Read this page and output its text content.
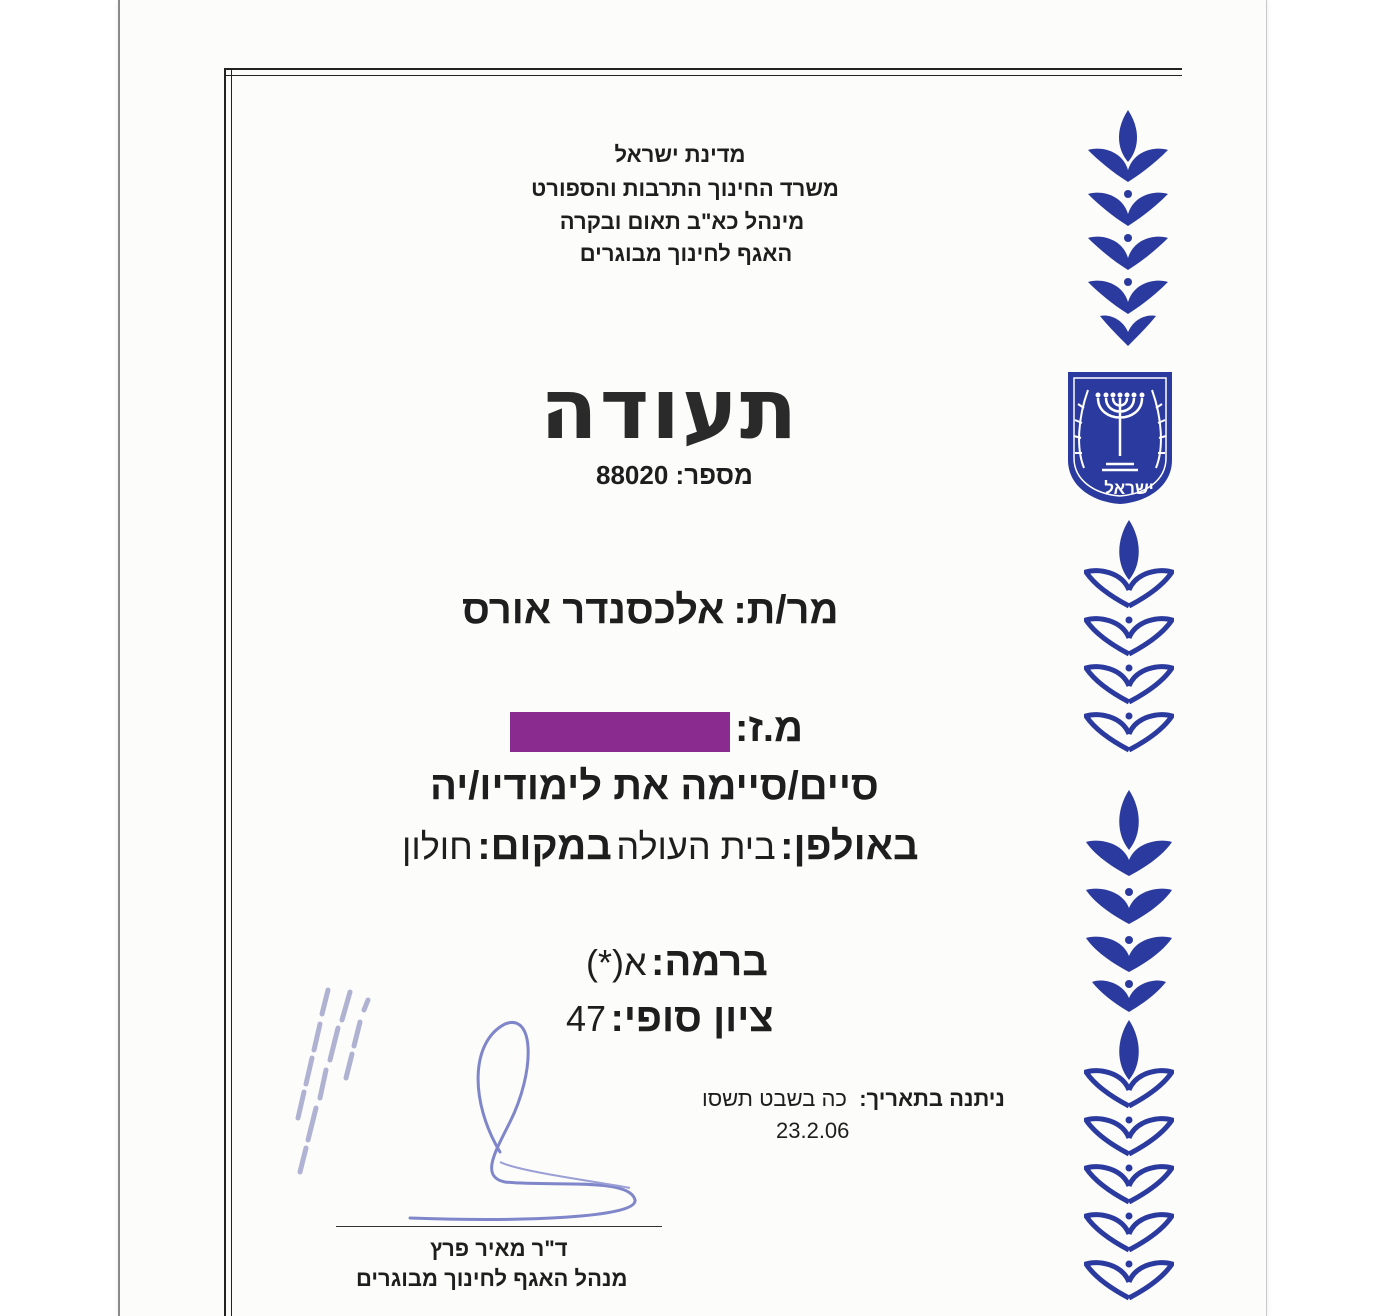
מדינת ישראל
משרד החינוך התרבות והספורט
מינהל כא"ב תאום ובקרה
האגף לחינוך מבוגרים
תעודה
מספר: 88020
מר/ת:  אלכסנדר אורס
מ.ז:
סיים/סיימה את לימודיו/יה
באולפן: בית העולה במקום: חולון
ברמה: א(*)
ציון סופי: 47
ניתנה בתאריך:  כה בשבט תשסו
23.2.06
ד"ר מאיר פרץ
מנהל האגף לחינוך מבוגרים
ישראל
